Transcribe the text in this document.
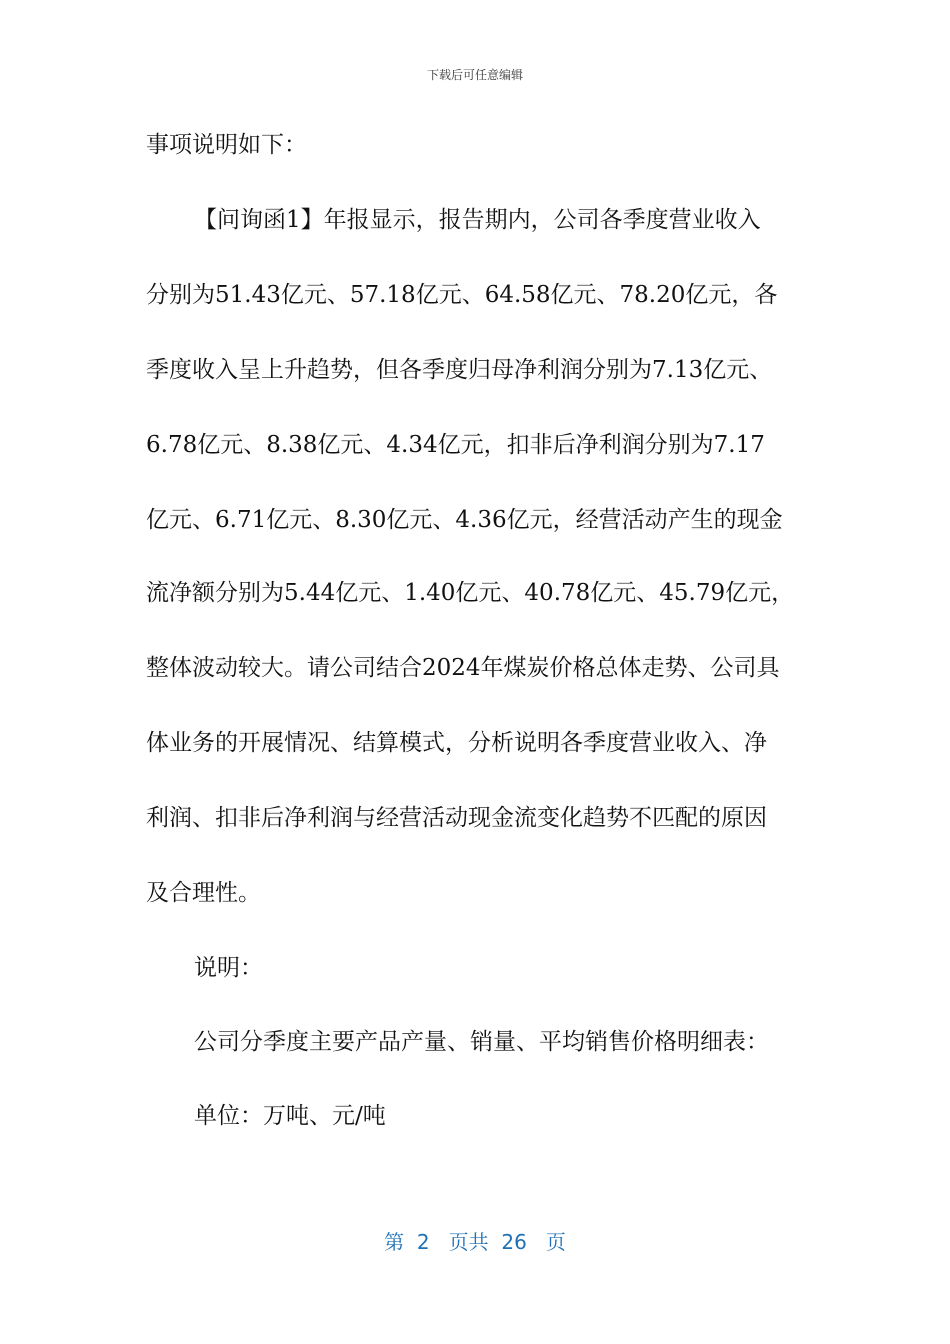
下载后可任意编辑
事项说明如下：
【问询函1】年报显示，报告期内，公司各季度营业收入
分别为51.43亿元、57.18亿元、64.58亿元、78.20亿元，各
季度收入呈上升趋势，但各季度归母净利润分别为7.13亿元、
6.78亿元、8.38亿元、4.34亿元，扣非后净利润分别为7.17
亿元、6.71亿元、8.30亿元、4.36亿元，经营活动产生的现金
流净额分别为5.44亿元、1.40亿元、40.78亿元、45.79亿元，
整体波动较大。请公司结合2024年煤炭价格总体走势、公司具
体业务的开展情况、结算模式，分析说明各季度营业收入、净
利润、扣非后净利润与经营活动现金流变化趋势不匹配的原因
及合理性。
说明：
公司分季度主要产品产量、销量、平均销售价格明细表：
单位：万吨、元/吨
第  2   页共  26   页
